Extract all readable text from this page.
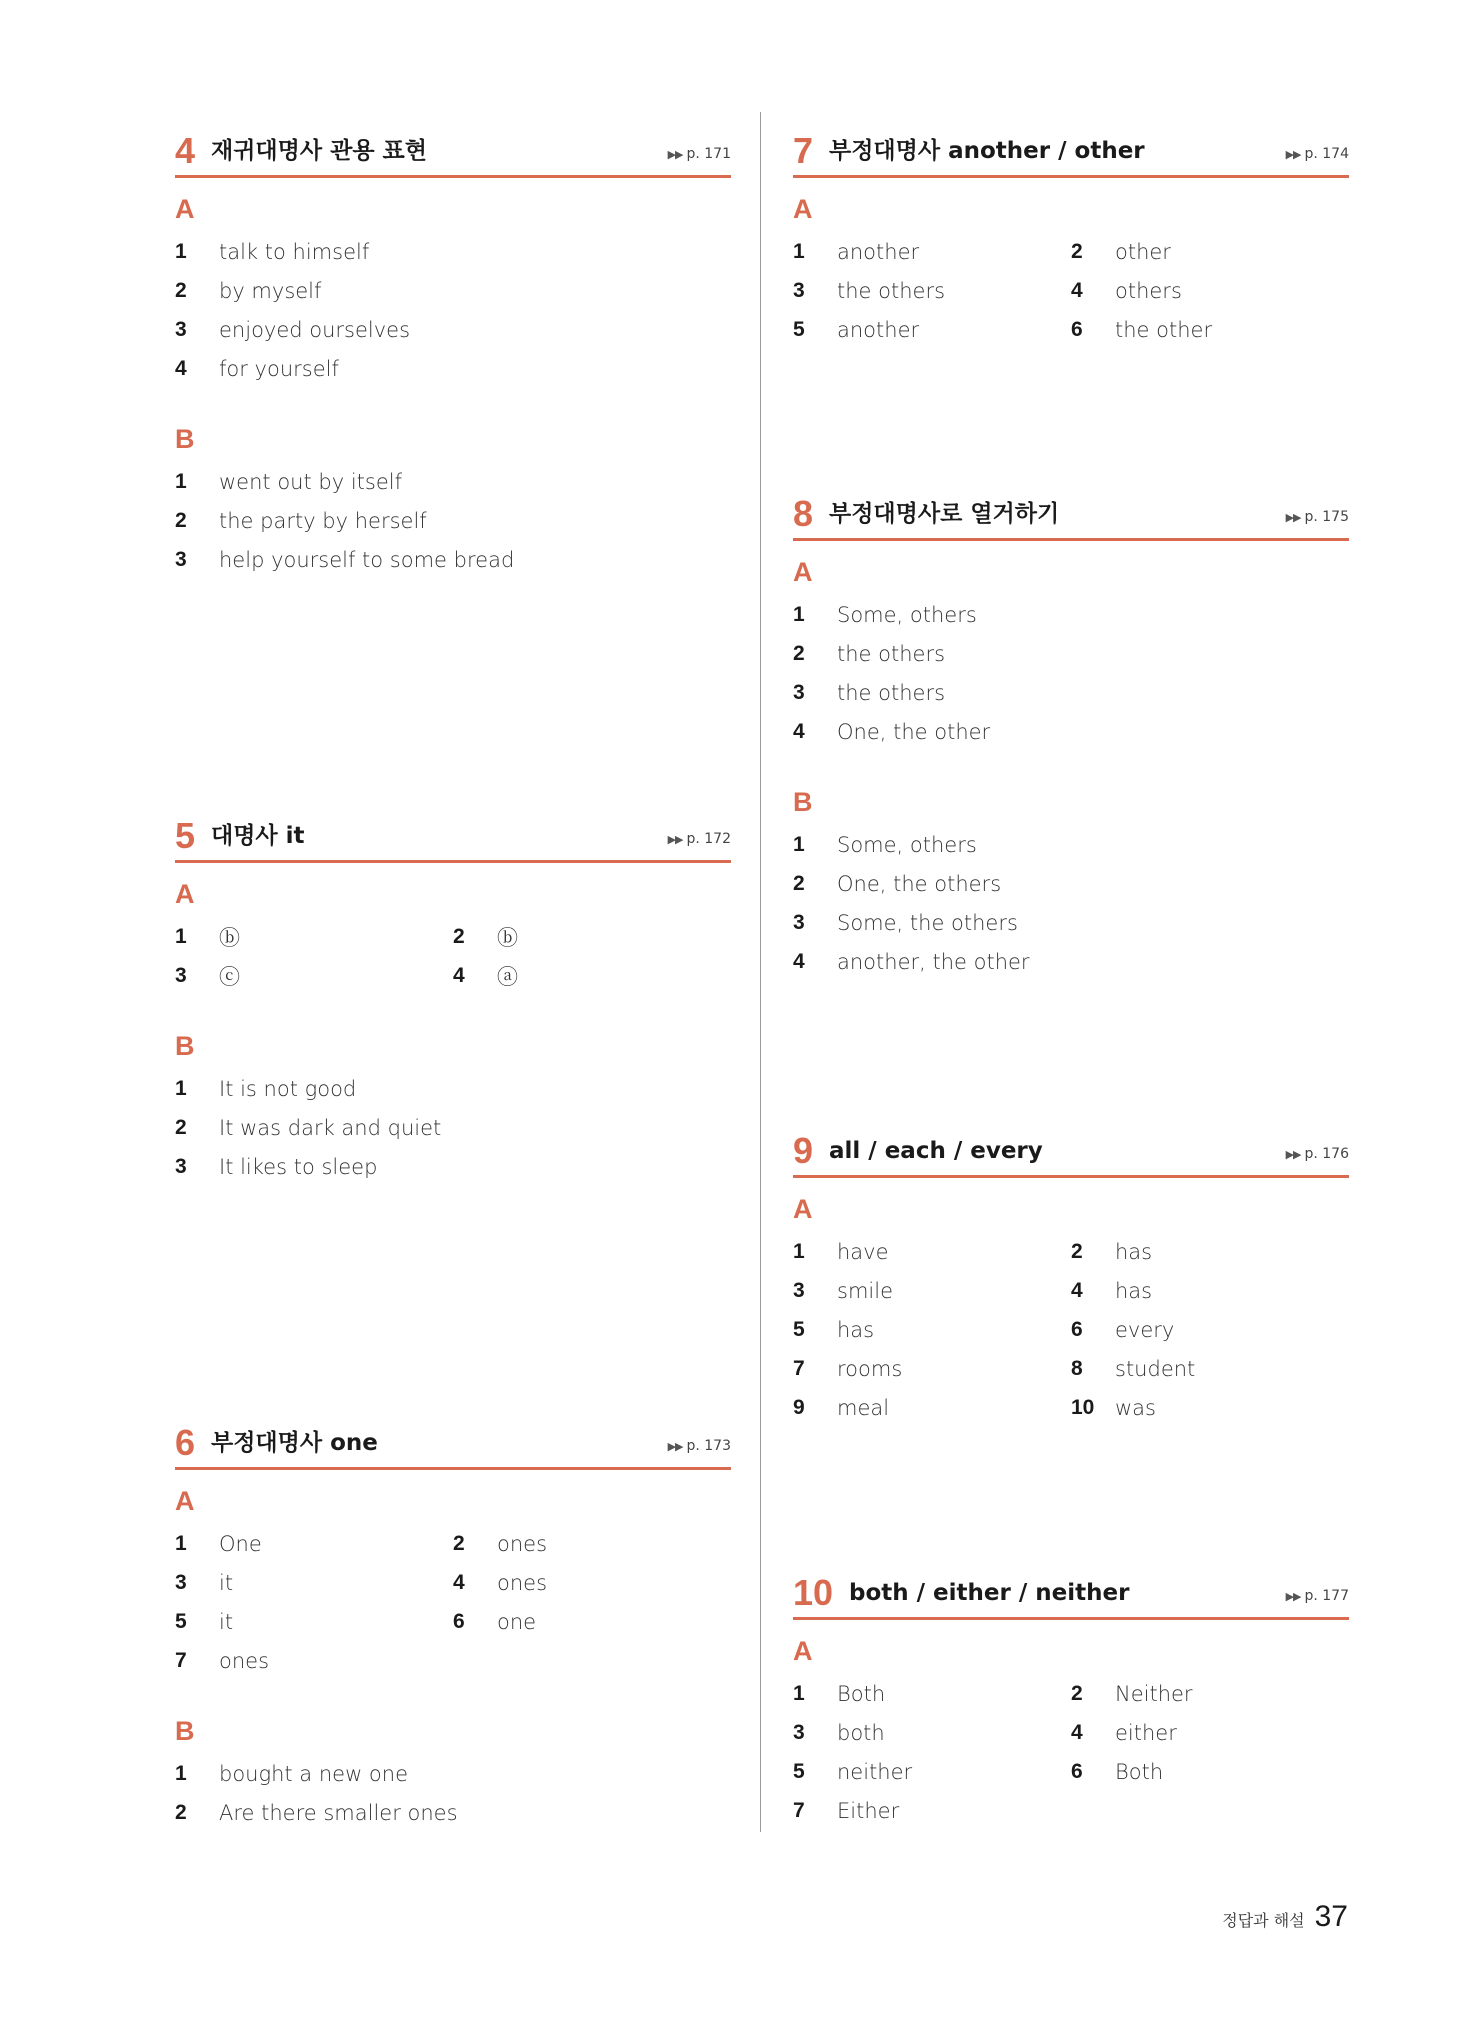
4 재귀대명사 관용 표현	▶▶ p. 171
A
1	talk to himself
2	by myself
3	enjoyed ourselves
4	for yourself
B
1	went out by itself
2	the party by herself
3	help yourself to some bread
5 대명사 it	▶▶ p. 172
A
1	ⓑ	2	ⓑ
3	ⓒ	4	ⓐ
B
1	It is not good
2	It was dark and quiet
3	It likes to sleep
6 부정대명사 one	▶▶ p. 173
A
1	One	2	ones
3	it	4	ones
5	it	6	one
7	ones
B
1	bought a new one
2	Are there smaller ones
7 부정대명사 another / other	▶▶ p. 174
A
1	another	2	other
3	the others	4	others
5	another	6	the other
8 부정대명사로 열거하기	▶▶ p. 175
A
1	Some, others
2	the others
3	the others
4	One, the other
B
1	Some, others
2	One, the others
3	Some, the others
4	another, the other
9 all / each / every	▶▶ p. 176
A
1	have	2	has
3	smile	4	has
5	has	6	every
7	rooms	8	student
9	meal	10 was
10 both / either / neither	▶▶ p. 177
A
1	Both	2	Neither
3	both	4	either
5	neither	6	Both
7	Either
정답과 해설 37
